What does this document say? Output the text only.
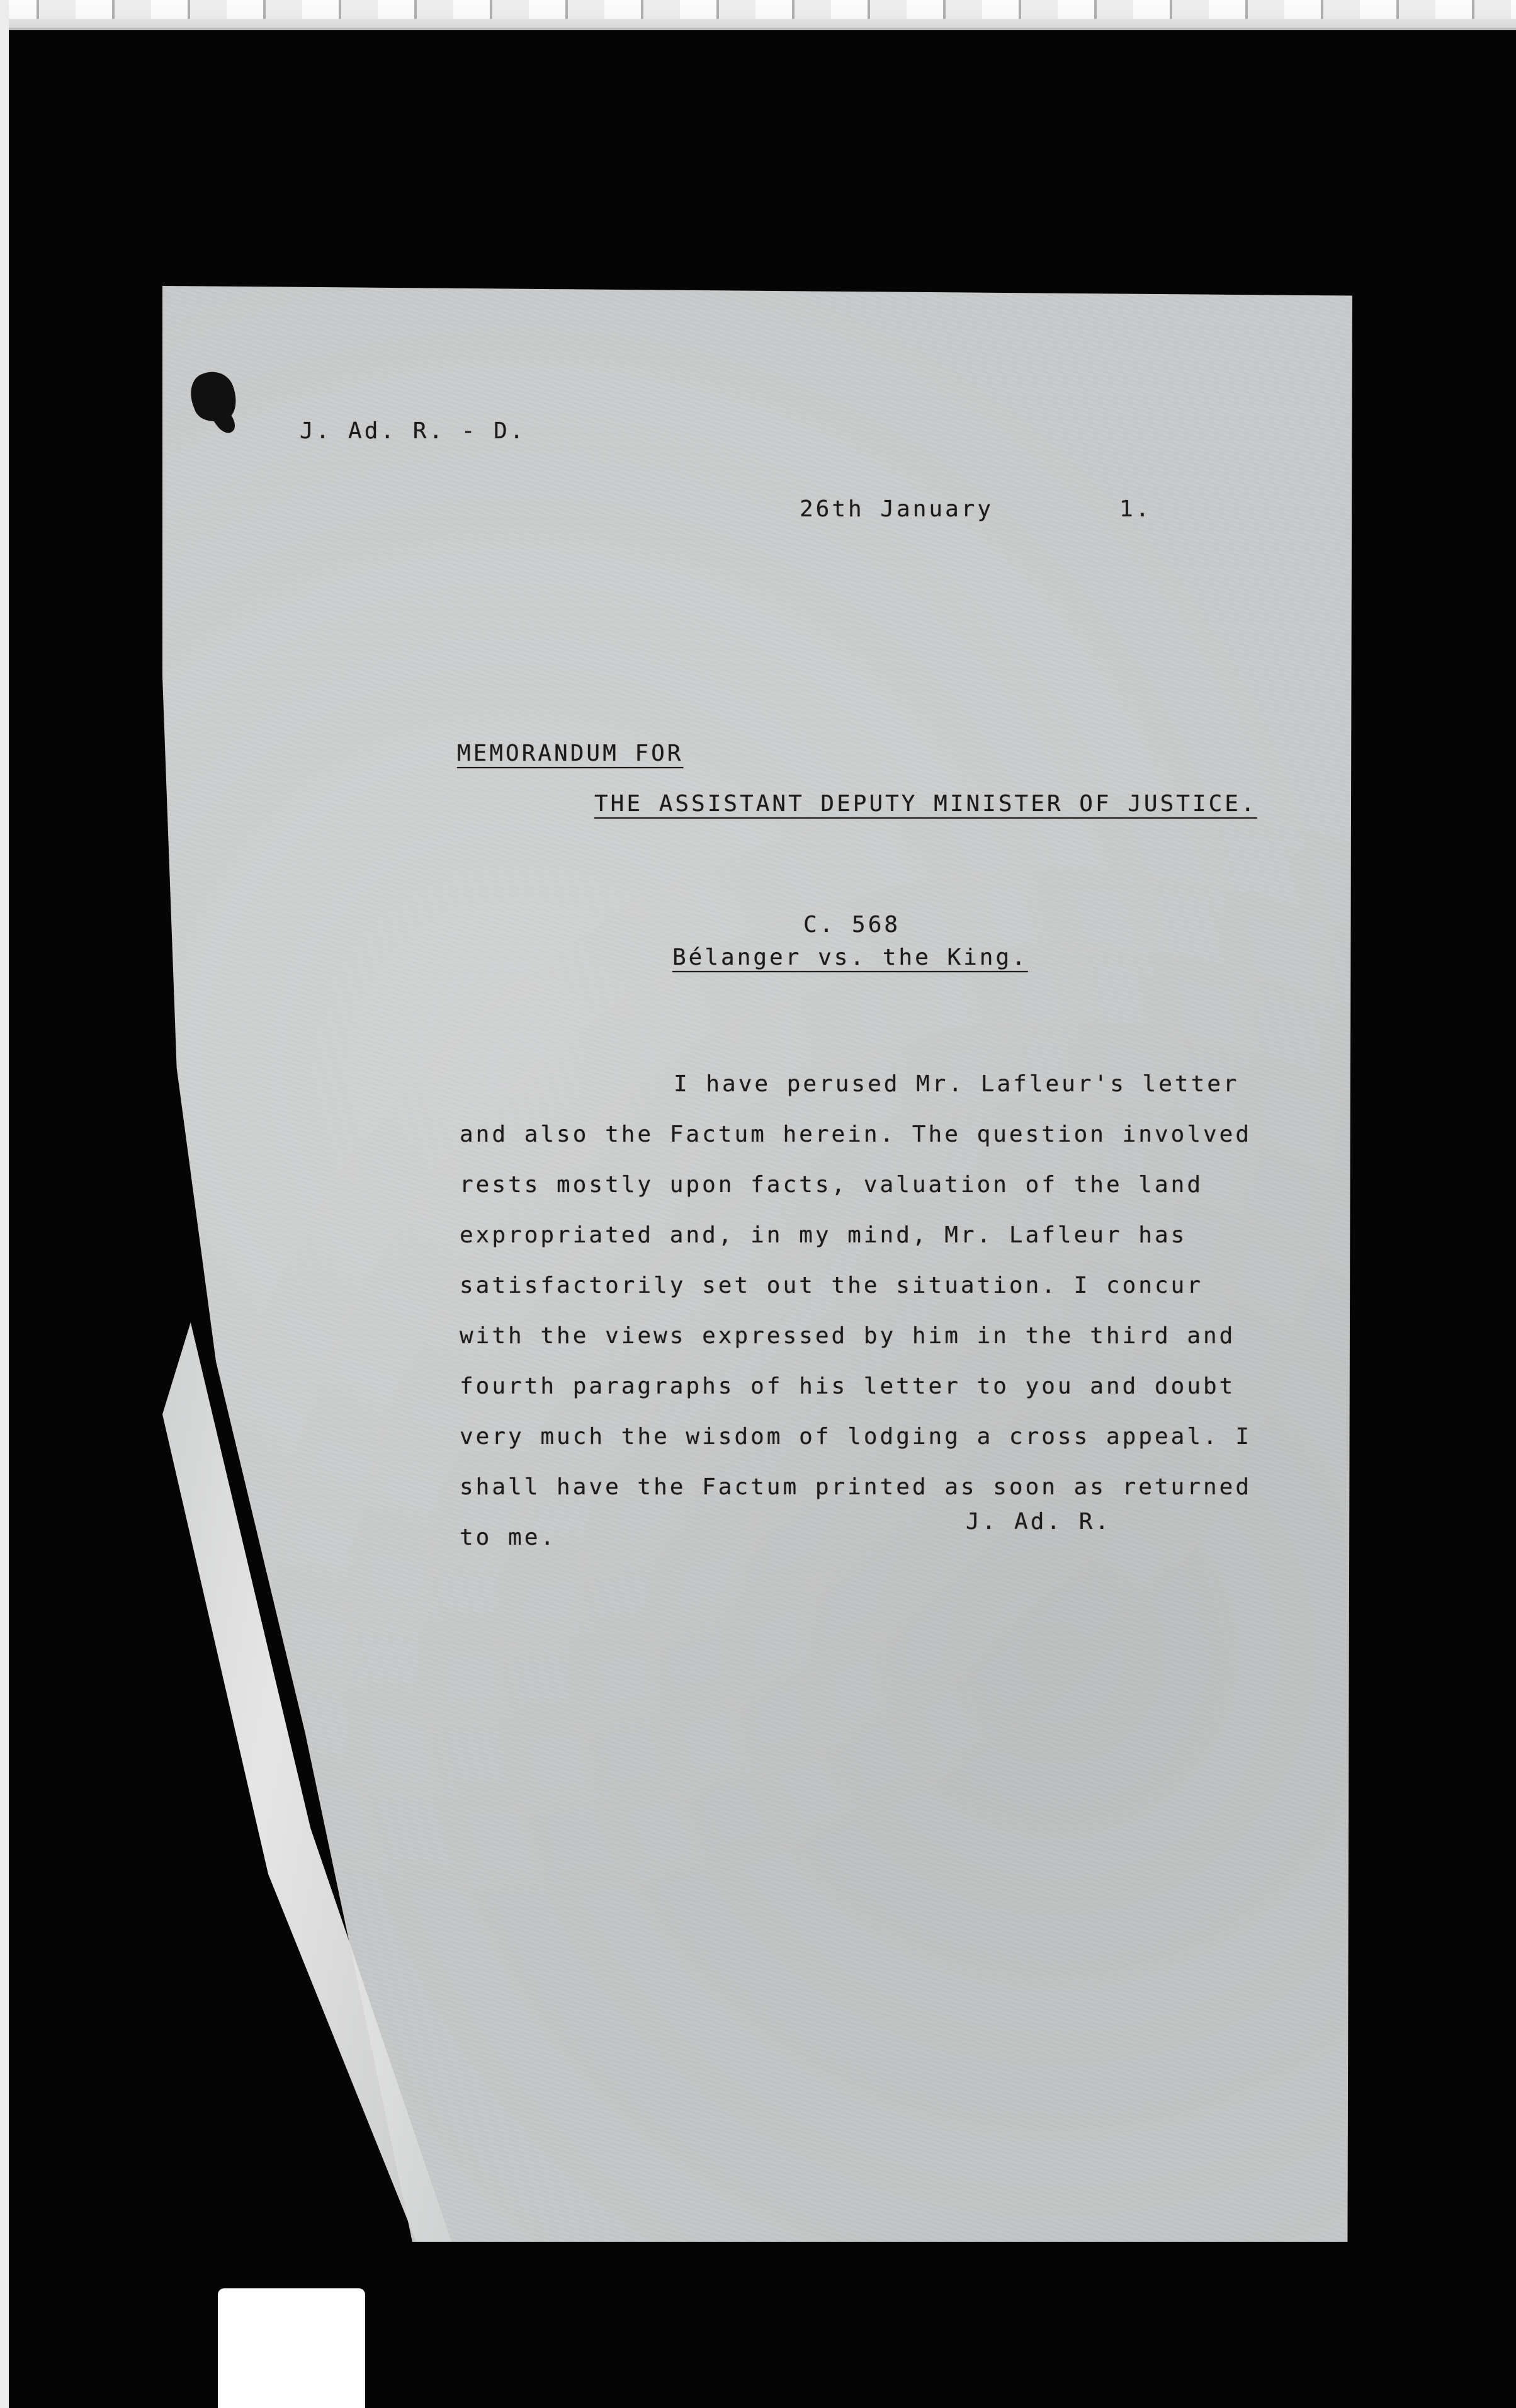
J. Ad. R. - D.
26th January	1.
MEMORANDUM FOR
THE ASSISTANT DEPUTY MINISTER OF JUSTICE.
C. 568
Bélanger vs. the King.

I have perused Mr. Lafleur's letter and also the Factum herein. The question involved rests mostly upon facts, valuation of the land expropriated and, in my mind, Mr. Lafleur has satisfactorily set out the situation. I concur with the views expressed by him in the third and fourth paragraphs of his letter to you and doubt very much the wisdom of lodging a cross appeal. I shall have the Factum printed as soon as returned to me.

J. Ad. R.
